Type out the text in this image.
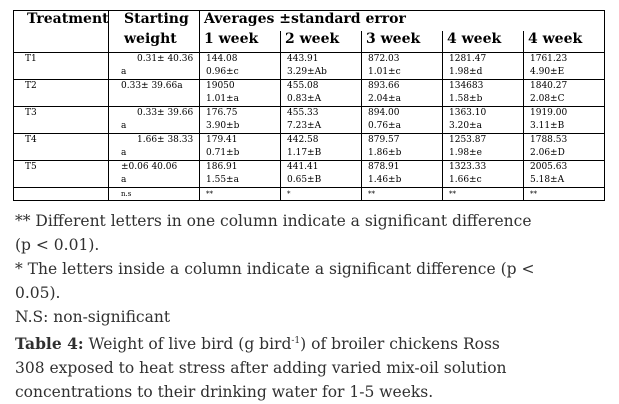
Treatment	Starting	Averages ±standard error				
	weight	1 week	2 week	3 week	4 week	4 week
T1	0.31± 40.36	144.08	443.91	872.03	1281.47	1761.23
	a	0.96±c	3.29±Ab	1.01±c	1.98±d	4.90±E
T2	0.33± 39.66a	19050	455.08	893.66	134683	1840.27
		1.01±a	0.83±A	2.04±a	1.58±b	2.08±C
T3	0.33± 39.66	176.75	455.33	894.00	1363.10	1919.00
	a	3.90±b	7.23±A	0.76±a	3.20±a	3.11±B
T4	1.66± 38.33	179.41	442.58	879.57	1253.87	1788.53
	a	0.71±b	1.17±B	1.86±b	1.98±e	2.06±D
T5	±0.06 40.06	186.91	441.41	878.91	1323.33	2005.63
	a	1.55±a	0.65±B	1.46±b	1.66±c	5.18±A
	n.s	**	*	**	**	**
** Different letters in one column indicate a significant difference
(p < 0.01).
* The letters inside a column indicate a significant difference (p <
0.05).
N.S: non-significant
Table 4: Weight of live bird (g bird$^{-1}$) of broiler chickens Ross
308 exposed to heat stress after adding varied mix-oil solution
concentrations to their drinking water for 1-5 weeks.
